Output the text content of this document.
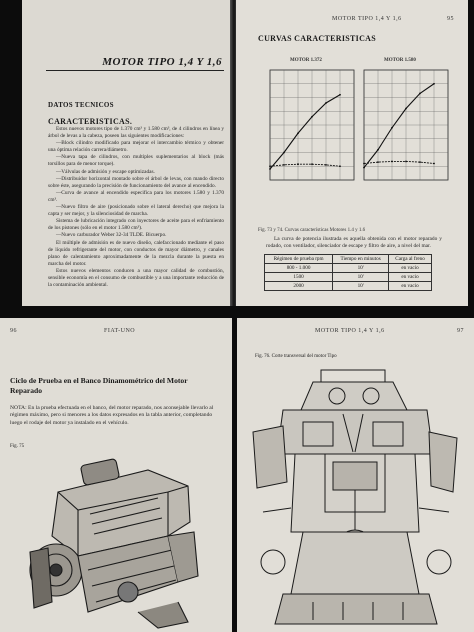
MOTOR TIPO 1,4 Y 1,6
DATOS TECNICOS
CARACTERISTICAS.

Estos nuevos motores tipo de 1.370 cm³ y 1.580 cm³, de 4 cilindros en línea y árbol de levas a la cabeza, poseen las siguientes modificaciones:

—Block cilindro modificado para mejorar el intercambio térmico y obtener una óptima relación carrera/diámetro.

—Nueva tapa de cilindros, con multiples suplementarios al block (más torsillos para de menor torque).

—Válvulas de admisión y escape optimizadas.

—Distribuidor horizontal montado sobre el árbol de levas, con mando directo sobre éste, asegurando la precisión de funcionamiento del avance al encendido.

—Curva de avance al encendido especifica para los motores 1.580 y 1.370 cm³.

—Nuevo filtro de aire (posicionado sobre el lateral derecho) que mejora la capta y ser mejor, y la silenciosidad de marcha.

Sistema de lubricación integrado con inyectores de aceite para el enfriamiento de los pistones (sólo en el motor 1.580 cm³).

—Nuevo carburador Weber 32-34 TLDE. Bicuerpo.

El múltiple de admisión es de nuevo diseño, calefaccionado mediante el paso de líquido refrigerante del motor, con conductos de mayor diámetro, y canales plano de calentamiento aproximadamente de la mezcla durante la puesta en marcha del motor.

Estos nuevos elementos conducen a una mayor calidad de combustión, sensible economía en el consumo de combustible y a una importante reducción de la contaminación ambiental.

MOTOR TIPO 1,4 Y 1,6	95
CURVAS CARACTERISTICAS
MOTOR 1.372	MOTOR 1.580
Fig. 73 y 74. Curvas características Motores 1.4 y 1.6
La curva de potencia ilustrada es aquella obtenida con el motor reparado y rodado, con ventilador, silenciador de escape y filtro de aire, a nivel del mar.
Régimen de prueba rpm	Tiempo en minutos	Carga al freno
800 - 1.000	10'	en vacio
1500	10'	en vacio
2000	10'	en vacio
96	FIAT-UNO
Ciclo de Prueba en el Banco Dinamométrico del Motor Reparado
NOTA: En la prueba efectuada en el banco, del motor reparado, nos aconsejable llevarlo al régimen máximo, pero si menores a los datos expresados en la tabla anterior, completando luego el rodaje del motor ya instalado en el vehículo.
Fig. 75
MOTOR TIPO 1,4 Y 1,6	97
Fig. 76. Corte transversal del motor Tipo
